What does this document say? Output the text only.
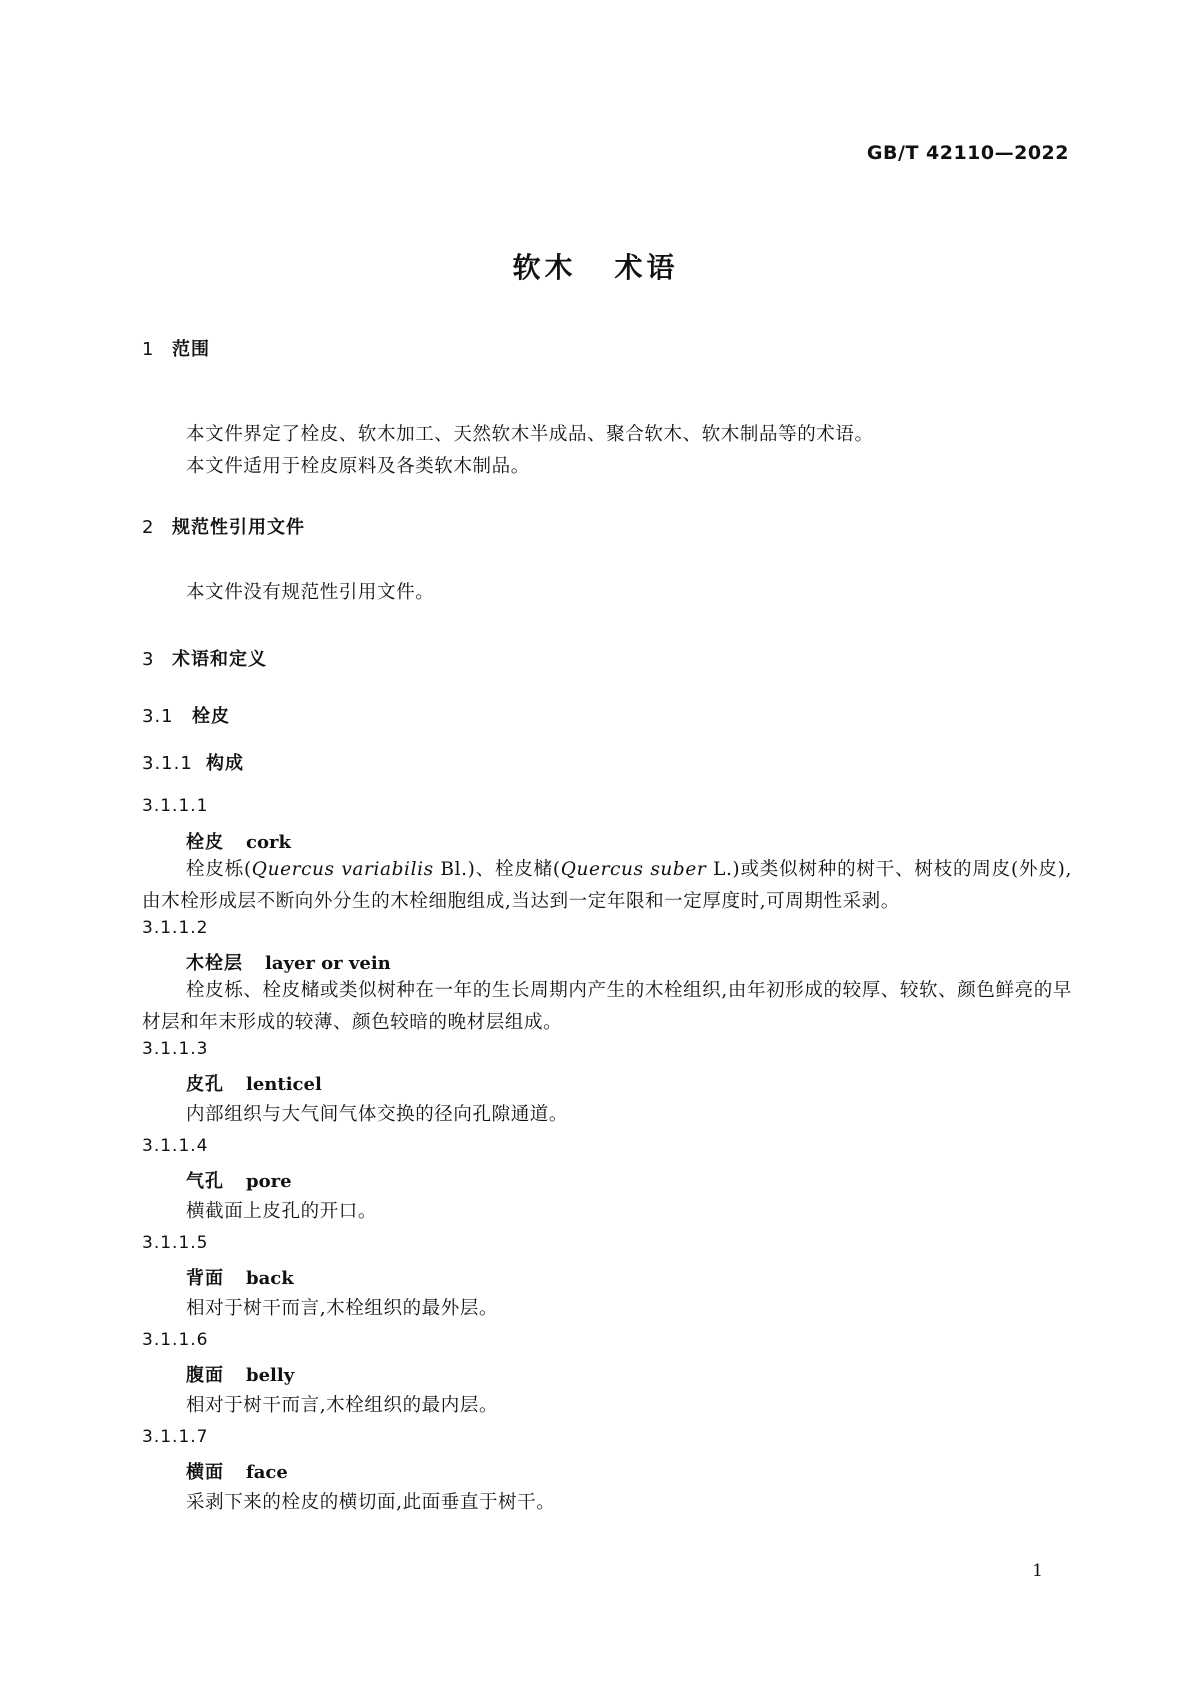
GB/T 42110—2022
软木 术语
1 范围
本文件界定了栓皮、软木加工、天然软木半成品、聚合软木、软木制品等的术语。
本文件适用于栓皮原料及各类软木制品。
2 规范性引用文件
本文件没有规范性引用文件。
3 术语和定义
3.1 栓皮
3.1.1 构成
3.1.1.1
栓皮 cork
栓皮栎(Quercus variabilis Bl.)、栓皮槠(Quercus suber L.)或类似树种的树干、树枝的周皮(外皮),由木栓形成层不断向外分生的木栓细胞组成,当达到一定年限和一定厚度时,可周期性采剥。
3.1.1.2
木栓层 layer or vein
栓皮栎、栓皮槠或类似树种在一年的生长周期内产生的木栓组织,由年初形成的较厚、较软、颜色鲜亮的早材层和年末形成的较薄、颜色较暗的晚材层组成。
3.1.1.3
皮孔 lenticel
内部组织与大气间气体交换的径向孔隙通道。
3.1.1.4
气孔 pore
横截面上皮孔的开口。
3.1.1.5
背面 back
相对于树干而言,木栓组织的最外层。
3.1.1.6
腹面 belly
相对于树干而言,木栓组织的最内层。
3.1.1.7
横面 face
采剥下来的栓皮的横切面,此面垂直于树干。
1
